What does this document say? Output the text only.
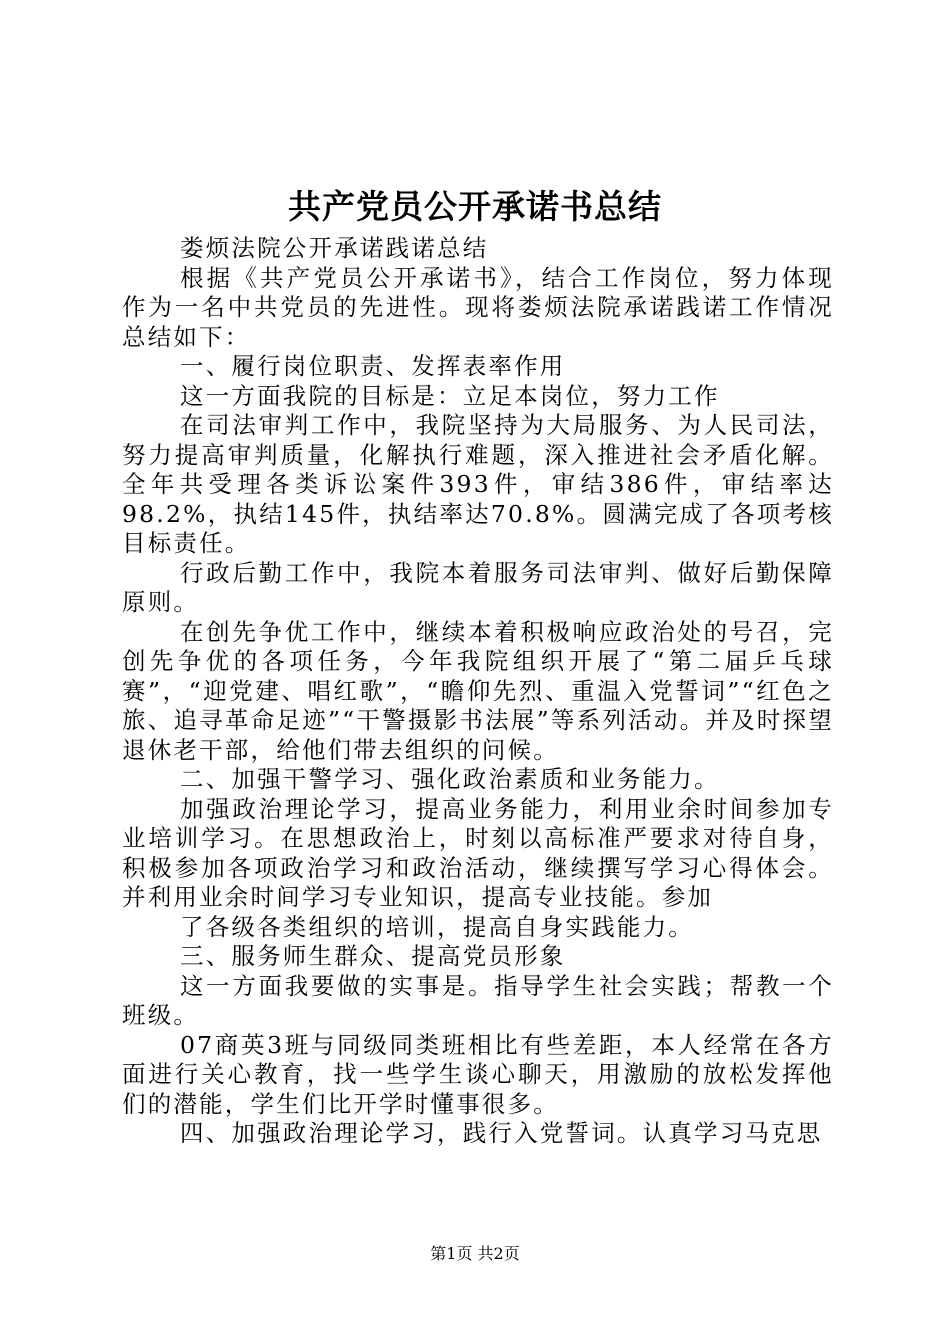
共产党员公开承诺书总结

娄烦法院公开承诺践诺总结

根据《共产党员公开承诺书》，结合工作岗位，努力体现作为一名中共党员的先进性。现将娄烦法院承诺践诺工作情况总结如下：

一、履行岗位职责、发挥表率作用

这一方面我院的目标是：立足本岗位，努力工作

在司法审判工作中，我院坚持为大局服务、为人民司法，努力提高审判质量，化解执行难题，深入推进社会矛盾化解。全年共受理各类诉讼案件393件，审结386件，审结率达98.2%，执结145件，执结率达70.8%。圆满完成了各项考核目标责任。

行政后勤工作中，我院本着服务司法审判、做好后勤保障原则。

在创先争优工作中，继续本着积极响应政治处的号召，完创先争优的各项任务，今年我院组织开展了“第二届乒乓球赛”，“迎党建、唱红歌”，“瞻仰先烈、重温入党誓词”“红色之旅、追寻革命足迹”“干警摄影书法展”等系列活动。并及时探望退休老干部，给他们带去组织的问候。

二、加强干警学习、强化政治素质和业务能力。

加强政治理论学习，提高业务能力，利用业余时间参加专业培训学习。在思想政治上，时刻以高标准严要求对待自身，积极参加各项政治学习和政治活动，继续撰写学习心得体会。并利用业余时间学习专业知识，提高专业技能。参加

了各级各类组织的培训，提高自身实践能力。

三、服务师生群众、提高党员形象

这一方面我要做的实事是。指导学生社会实践；帮教一个班级。

07商英3班与同级同类班相比有些差距，本人经常在各方面进行关心教育，找一些学生谈心聊天，用激励的放松发挥他们的潜能，学生们比开学时懂事很多。

四、加强政治理论学习，践行入党誓词。认真学习马克思

第1页 共2页
